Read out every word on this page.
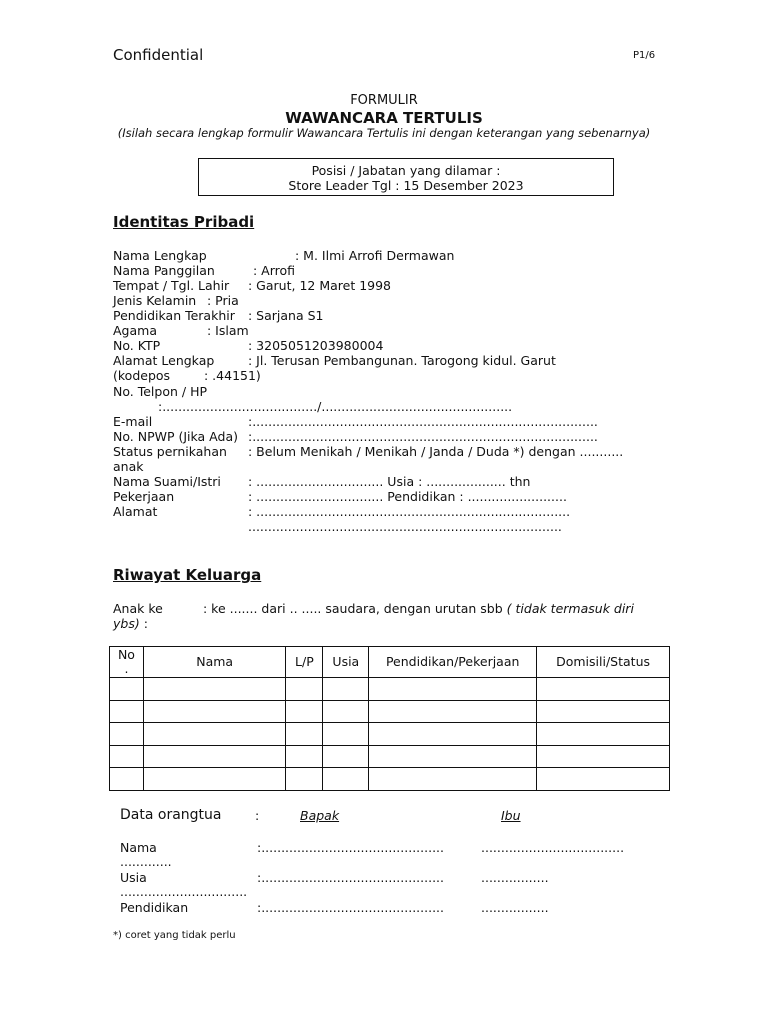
Confidential	P1/6
FORMULIR
WAWANCARA TERTULIS
(Isilah secara lengkap formulir Wawancara Tertulis ini dengan keterangan yang sebenarnya)
Posisi / Jabatan yang dilamar :
Store Leader Tgl : 15 Desember 2023
Identitas Pribadi
Nama Lengkap	: M. Ilmi Arrofi Dermawan
Nama Panggilan	: Arrofi
Tempat / Tgl. Lahir : Garut, 12 Maret 1998
Jenis Kelamin : Pria
Pendidikan Terakhir : Sarjana S1
Agama	: Islam
No. KTP	: 3205051203980004
Alamat Lengkap	: Jl. Terusan Pembangunan. Tarogong kidul. Garut
(kodepos	: .44151)
No. Telpon / HP
:......................................./................................................
E-mail	:.......................................................................................
No. NPWP (Jika Ada) :.......................................................................................
Status pernikahan : Belum Menikah / Menikah / Janda / Duda *) dengan ...........
anak
Nama Suami/Istri : ................................ Usia : .................... thn
Pekerjaan	: ................................ Pendidikan : .........................
Alamat	: ...............................................................................
...............................................................................
Riwayat Keluarga
Anak ke	: ke ....... dari .. ..... saudara, dengan urutan sbb ( tidak termasuk diri
ybs) :
No
.	Nama	L/P	Usia	Pendidikan/Pekerjaan	Domisili/Status

Data orangtua	:	Bapak	Ibu
Nama	:..............................................	....................................
.............
Usia	:..............................................	.................
................................
Pendidikan	:..............................................	.................
*) coret yang tidak perlu
